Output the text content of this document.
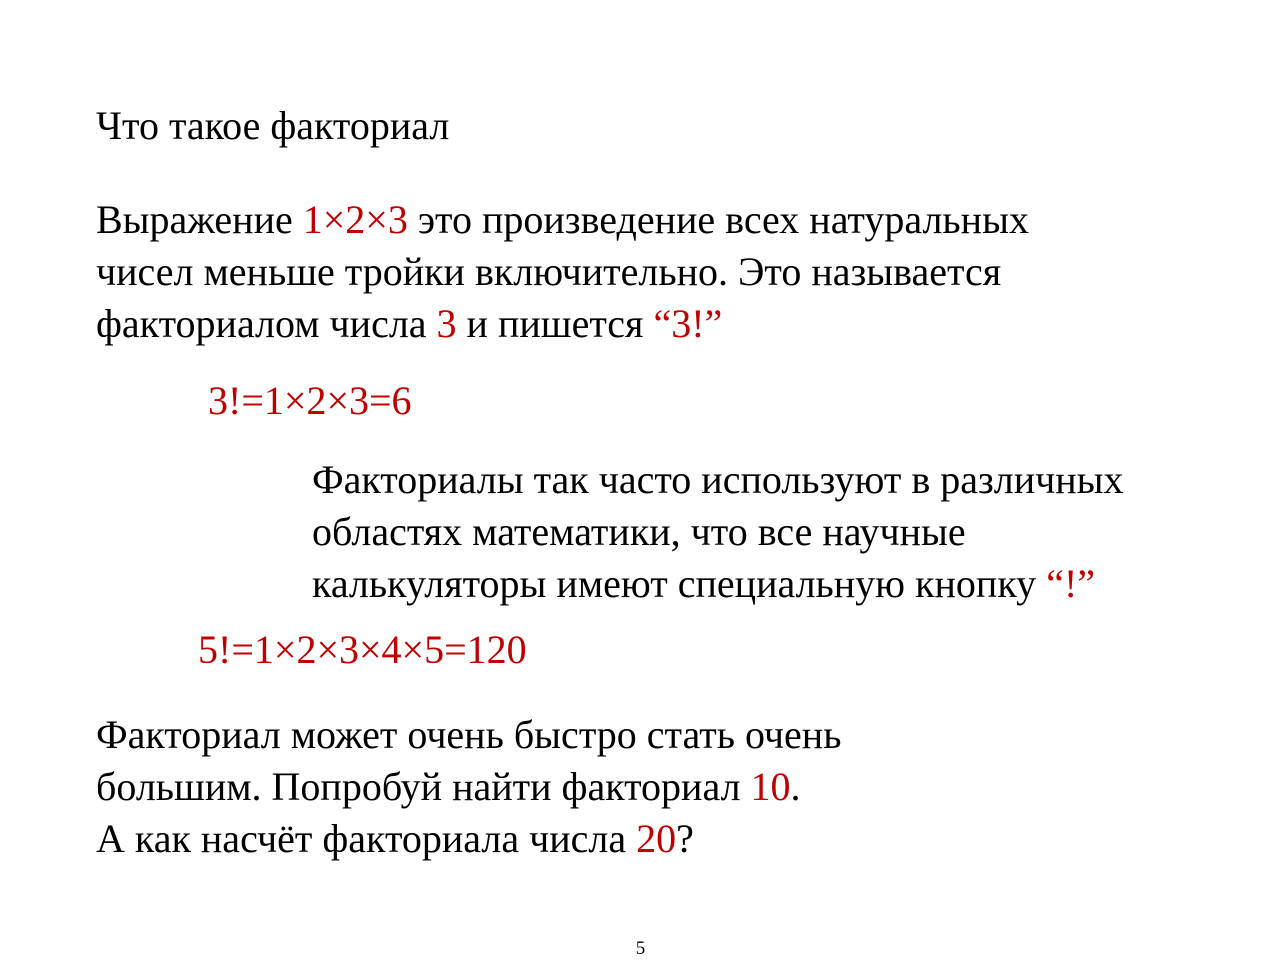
Что такое факториал
Выражение 1×2×3 это произведение всех натуральных
чисел меньше тройки включительно. Это называется
факториалом числа 3 и пишется “3!”
3!=1×2×3=6
Факториалы так часто используют в различных
областях математики, что все научные
калькуляторы имеют специальную кнопку “!”
5!=1×2×3×4×5=120
Факториал может очень быстро стать очень
большим. Попробуй найти факториал 10.
А как насчёт факториала числа 20?
5
